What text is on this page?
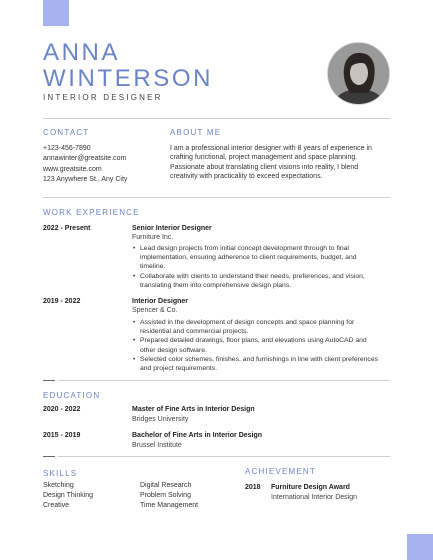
ANNA
WINTERSON
INTERIOR DESIGNER
CONTACT
+123-456-7890
annawinter@greatsite.com
www.greatsite.com
123 Anywhere St., Any City
ABOUT ME
I am a professional interior designer with 8 years of experience in crafting functional, project management and space planning. Passionate about translating client visions into reality, I blend creativity with practicality to exceed expectations.
WORK EXPERIENCE
2022 - Present	Senior Interior Designer
Furniture Inc.
• Lead design projects from initial concept development through to final implementation, ensuring adherence to client requirements, budget, and timeline.
• Collaborate with clients to understand their needs, preferences, and vision, translating them into comprehensive design plans.
2019 - 2022	Interior Designer
Spencer & Co.
• Assisted in the development of design concepts and space planning for residential and commercial projects.
• Prepared detailed drawings, floor plans, and elevations using AutoCAD and other design software.
• Selected color schemes, finishes, and furnishings in line with client preferences and project requirements.
EDUCATION
2020 - 2022	Master of Fine Arts in Interior Design
Bridges University
2015 - 2019	Bachelor of Fine Arts in Interior Design
Brussel Institute
SKILLS
Sketching
Design Thinking
Creative
Digital Research
Problem Solving
Time Management
ACHIEVEMENT
2018 Furniture Design Award
International Interior Design
